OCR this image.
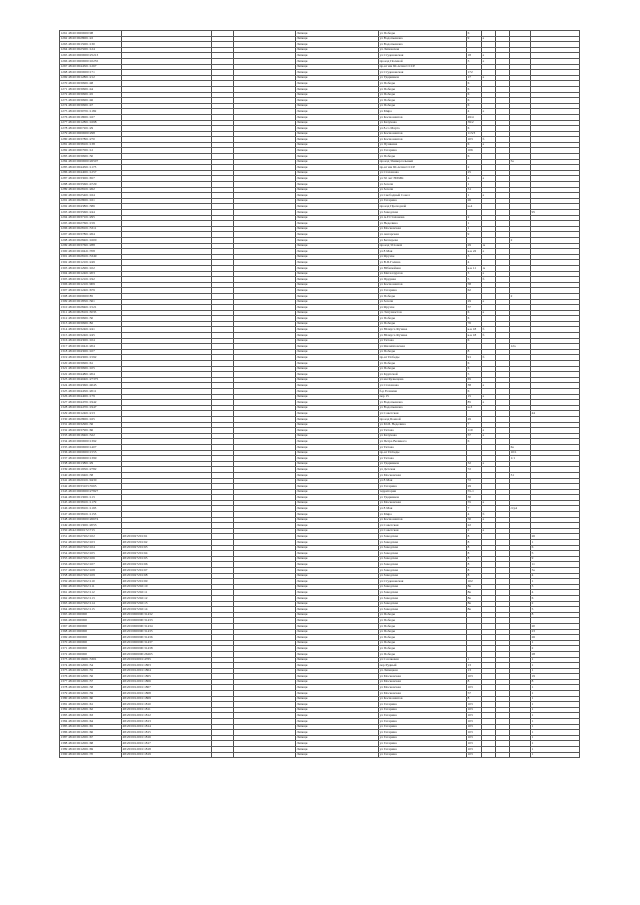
1261 48:20:0000000:98				Липецк	ул Победы	6				
1262 48:20:0028001:22				Липецк	ул Водопьянова	9	а			
1263 48:20:0015001:130				Липецк	ул Водопьянова					
1264 48:20:0025001:124				Липецк	ул Липовская					
1265 48:20:0000000:25213				Липецк	ул Студеновская	18	а			
1266 48:20:0000000:10255				Липецк	проезд Полевой	3	а			
1267 48:20:0044501:1267				Липецк	пр-кт им 60-летия СССР					
1268 48:20:0000000:171				Липецк	ул Студеновская	172				
1269 48:20:0012801:212				Липецк	ул Ударников	17	а			
1270 48:20:0030901:48				Липецк	ул Победы	6				
1271 48:20:0030901:44				Липецк	ул Победы	6				
1272 48:20:0030901:45				Липецк	ул Победы	6				
1273 48:20:0030901:46				Липецк	ул Победы	6				
1274 48:20:0030901:47				Липецк	ул Победы	6				
1275 48:20:0030701:1182				Липецк	ул Мира	4	а			
1276 48:20:0018001:167				Липецк	ул Космонавтов	49/4				
1277 48:20:0012801:1698				Липецк	ул Катукова	39/2				
1278 48:20:0007201:29				Липецк	ул 8-го Марта	6				
1279 48:20:0000000:298				Липецк	ул Космонавтов	113/3				
1280 48:20:0037801:270				Липецк	ул Космонавтов	103	б			
1281 48:20:0038101:138				Липецк	ул Пушкина	6	а			
1282 48:20:0007001:12				Липецк	ул Гагарина	106				
1283 48:20:0030901:50				Липецк	ул Победы	6				
1284 48:20:0000000:26507				Липецк	проезд Универсальный				5а	
1285 48:20:0044501:1173				Липецк	пр-кт им 60-летия СССР	2				
1286 48:20:0044001:1257				Липецк	ул Стаханова	25				
1287 48:20:0033001:657				Липецк	ул 50 лет НЛМК	4	а			
1288 48:20:0035601:4729				Липецк	ул Зегеля	1				
1289 48:20:0028101:262				Липецк	ул Зегеля	31				
1290 48:20:0025401:164				Липецк	ул Свободный Сокол	1	а			
1291 48:20:0028001:161				Липецк	ул Гагарина	26				
1292 48:20:0043801:386				Липецк	проезд Проходной	н-4				
1293 48:20:0035601:244				Липецк	ул Заводская					95
1294 48:20:0037101:295				Липецк	ул А.Г.Стаханова	2				
1295 48:20:0027601:159				Липецк	ул Неделина	1				
1296 48:20:0028101:3311				Липецк	ул Московская	1				
1297 48:20:0037801:264				Липецк	ул Ангарская	9				
1298 48:20:0028401:1600				Липецк	ул Бехтерева				2	
1299 48:20:0037601:288				Липецк	проезд Угловой	29	А			
1300 48:20:0010421:708				Липецк	ул 8 Мая	к-к 22	а			
1301 48:20:0028101:3349				Липецк	ул Фрунзе	3				
1302 48:20:0012101:249				Липецк	ул В.П.Галина	4				
1303 48:20:0012901:102				Липецк	ул Юбилейная	к-к 11	А			
1304 48:20:0012401:203				Липецк	ул Металлургов	3	а			
1305 48:20:0012101:192				Липецк	ул Прудная	5	б			
1306 48:20:0012101:909				Липецк	ул Космонавтов	58				
1307 48:20:0012401:679				Липецк	ул Гагарина	62				
1308 48:20:0000000:85				Липецк	ул Победы				2	
1309 48:20:0018501:361				Липецк	ул Зегеля	29	а			
1310 48:20:0028401:1521				Липецк	ул Фрунзе	57				
1311 48:20:0028101:3035				Липецк	ул Энтузиастов	6	а			
1312 48:20:0030901:50				Липецк	ул Победы	6				
1313 48:20:0030901:82				Липецк	ул Победы	76				
1314 48:20:0032401:241				Липецк	ул Юлиуса Фучика	к-к 18	б			
1315 48:20:0032401:245				Липецк	ул Юлиуса Фучика	к-к 18	б			
1316 48:20:0043001:104				Липецк	ул Титова	6				
1317 48:20:0010421:204				Липецк	ул Филипповская				12а	
1318 48:20:0043001:107				Липецк	ул Победы	8				
1319 48:20:0043001:1592				Липецк	пр-кт Победы	91	б			
1320 48:20:0030901:61				Липецк	ул Победы	6				
1321 48:20:0030901:105				Липецк	ул Победы	6				
1322 48:20:0044801:204				Липецк	ул Крупской	5				
1323 48:20:0040401:27375				Липецк	ул им Кузнецова	65				
1324 48:20:0043601:4045				Липецк	ул Стаханова	38	а			
1325 48:20:0044501:2011				Липецк	б-р Есенина	6				
1326 48:20:0044001:179				Липецк	пер 15	15	а			
1327 48:20:0044701:1942				Липецк	ул Водопьянова	85	а			
1328 48:20:0044701:1947				Липецк	ул Водопьянова	н-3				
1329 48:20:0012401:213				Липецк	ул Советская					44
1330 48:20:0028001:165				Липецк	проезд Боевой	29				
1331 48:20:0032901:36				Липецк	ул М.И. Неделина	7				
1332 48:20:0037901:66				Липецк	ул Титова	110	а			
1333 48:20:0018401:322				Липецк	ул Катукова	57	а			
1334 48:20:0000000:1392				Липецк	ул Петра Великого	6				
1335 48:20:0000000:1407				Липецк	ул Титова				6а	
1336 48:20:0000000:1555				Липецк	пр-кт Победы				10/1	
1337 48:20:0000000:1399				Липецк	ул Титова				1/1	
1338 48:20:0013801:29				Липецк	ул Ударников	32	а			
1339 48:20:0019501:2782				Липецк	ул Детская	72				
1340 48:20:0019401:38				Липецк	ул Московская				31	
1341 48:20:0020101:9430				Липецк	ул 8 Мая	72				
1342 48:20:0033103:3565				Липецк	ул Гагарина	29				
1343 48:20:0000000:27827				Липецк	территория	55-1				
1344 48:20:0013001:113				Липецк	ул Ударников	30				
1345 48:20:0038101:1179				Липецк	ул Московская	55	а			
1346 48:20:0038101:1193				Липецк	ул 8 Мая	7			стр4	
1347 48:20:0038101:1153				Липецк	ул Мира	4	б			
1348 48:20:0000000:26674				Липецк	ул Космонавтов	50	а			
1349 48:20:0013001:2053				Липецк	ул Советская	22				
1350 48:42:0000172:715				Липецк	ул Советская	2	а			
1351 48:20:0027202:102	48:20:0027201:61			Липецк	ул Заводская	8				26
1352 48:20:0027202:103	48:20:0027201:62			Липецк	ул Заводская	8				1
1353 48:20:0027202:104	48:20:0027201:63			Липецк	ул Заводская	8				6
1354 48:20:0027202:105	48:20:0027201:64			Липецк	ул Заводская	8				5
1355 48:20:0027202:106	48:20:0027201:65			Липецк	ул Заводская	8				9
1356 48:20:0027202:107	48:20:0027201:66			Липецк	ул Заводская	8				11
1357 48:20:0027202:108	48:20:0027201:67			Липецк	ул Заводская	8				3а
1358 48:20:0027202:109	48:20:0027201:68			Липецк	ул Заводская	8				4
1359 48:20:0027202:110	48:20:0027201:69			Липецк	ул Студеновская	102				1
1360 48:20:0027202:111	48:20:0027202:10			Липецк	ул Заводская	8в				3
1361 48:20:0027202:112	48:20:0027202:11			Липецк	ул Заводская	8в				4
1362 48:20:0027202:113	48:20:0027202:12			Липецк	ул Заводская	8в				6
1363 48:20:0027202:114	48:20:0027202:13			Липецк	ул Заводская	8в				2
1364 48:20:0027202:115	48:20:0027202:14			Липецк	ул Заводская	8в				5
1365 48:20:000000	48:20:0000000:31432			Липецк	ул Победы					8
1366 48:20:000000	48:20:0000000:31433			Липецк	ул Победы					
1367 48:20:000000	48:20:0000000:31434			Липецк	ул Победы					20
1368 48:20:000000	48:20:0000000:31435			Липецк	ул Победы					23
1369 48:20:000000	48:20:0000000:31436			Липецк	ул Победы					26
1370 48:20:000000	48:20:0000000:31437			Липецк	ул Победы					1
1371 48:20:000000	48:20:0000000:31438			Липецк	ул Победы					2
1372 48:20:000000	48:20:0000000:26265			Липецк	ул Победы					28
1373 48:20:0016001:3301	48:20:0016001:4765			Липецк	ул Сселковая	1				1
1374 48:20:0012001:54	48:20:0012001:1803			Липецк	пер Рудный	13				1
1375 48:20:0012001:55	48:20:0012001:1804			Липецк	ул Липецкая	13				1
1376 48:20:0012001:56	48:20:0012001:1805			Липецк	ул Московская	103				19
1377 48:20:0012001:57	48:20:0012001:1806			Липецк	ул Московская	8				8
1378 48:20:0012001:58	48:20:0012001:1807			Липецк	ул Московская	103				1
1379 48:20:0012001:59	48:20:0012001:1808			Липецк	ул Московская	57				1
1380 48:20:0012001:60	48:20:0012001:1809			Липецк	ул Космонавтов	8				1
1381 48:20:0012001:61	48:20:0012001:1810			Липецк	ул Гагарина	103				1
1382 48:20:0012001:62	48:20:0012001:1811			Липецк	ул Гагарина	103				1
1383 48:20:0012001:63	48:20:0012001:1812			Липецк	ул Гагарина	103				1
1384 48:20:0012001:64	48:20:0012001:1813			Липецк	ул Гагарина	103				1
1385 48:20:0012001:65	48:20:0012001:1814			Липецк	ул Гагарина	103				1
1386 48:20:0012001:66	48:20:0012001:1815			Липецк	ул Гагарина	103				1
1387 48:20:0012001:67	48:20:0012001:1816			Липецк	ул Гагарина	103				1
1388 48:20:0012001:68	48:20:0012001:1817			Липецк	ул Гагарина	103				1
1389 48:20:0012001:69	48:20:0012001:1818			Липецк	ул Гагарина	103				1
1390 48:20:0012001:70	48:20:0012001:1819			Липецк	ул Гагарина	103				1
